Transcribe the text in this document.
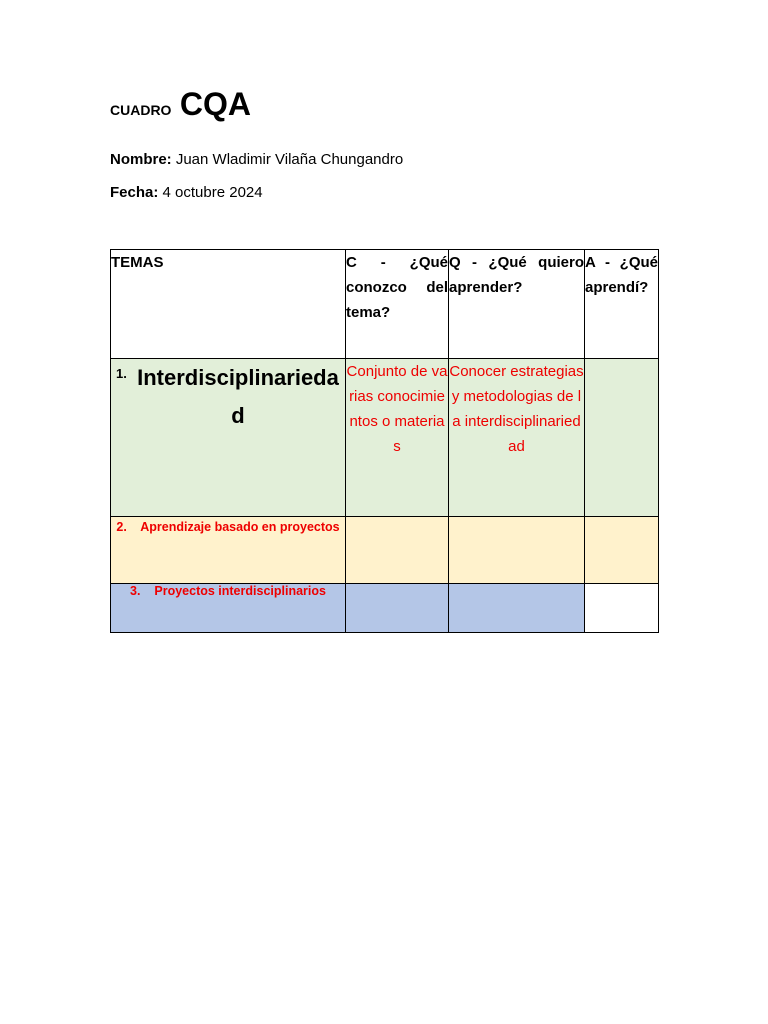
CUADRO CQA
Nombre: Juan Wladimir Vilaña Chungandro
Fecha: 4 octubre 2024
TEMAS	C - ¿Qué conozco del tema?	Q - ¿Qué quiero aprender?	A - ¿Qué aprendí?

1. Interdisciplinariedad	Conjunto de varias conocimientos o materias	Conocer estrategias y metodologias de la interdisciplinariedad	
2. Aprendizaje basado en proyectos			
3. Proyectos interdisciplinarios			
